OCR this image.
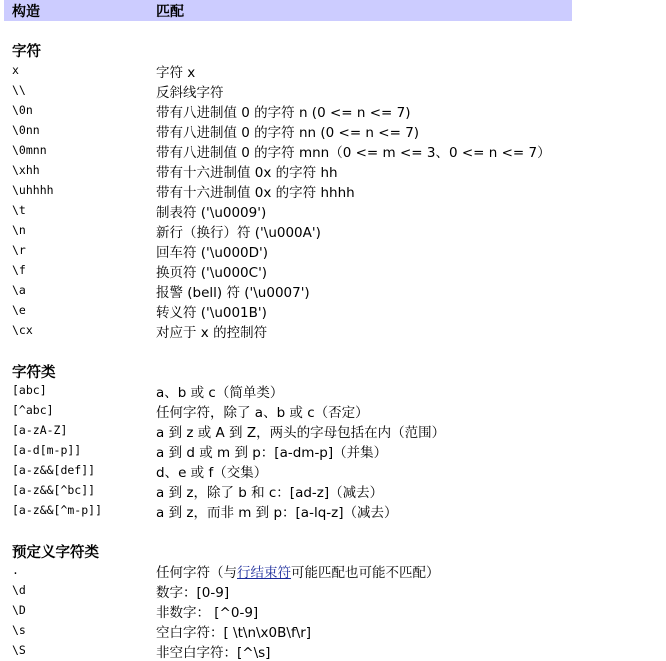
构造	匹配
字符
x	字符 x
\\	反斜线字符
\0n	带有八进制值 0 的字符 n (0 <= n <= 7)
\0nn	带有八进制值 0 的字符 nn (0 <= n <= 7)
\0mnn	带有八进制值 0 的字符 mnn（0 <= m <= 3、0 <= n <= 7）
\xhh	带有十六进制值 0x 的字符 hh
\uhhhh	带有十六进制值 0x 的字符 hhhh
\t	制表符 ('\u0009')
\n	新行（换行）符 ('\u000A')
\r	回车符 ('\u000D')
\f	换页符 ('\u000C')
\a	报警 (bell) 符 ('\u0007')
\e	转义符 ('\u001B')
\cx	对应于 x 的控制符
字符类
[abc]	a、b 或 c（简单类）
[^abc]	任何字符，除了 a、b 或 c（否定）
[a-zA-Z]	a 到 z 或 A 到 Z，两头的字母包括在内（范围）
[a-d[m-p]]	a 到 d 或 m 到 p：[a-dm-p]（并集）
[a-z&&[def]]	d、e 或 f（交集）
[a-z&&[^bc]]	a 到 z，除了 b 和 c：[ad-z]（减去）
[a-z&&[^m-p]]	a 到 z，而非 m 到 p：[a-lq-z]（减去）
预定义字符类
.	任何字符（与行结束符可能匹配也可能不匹配）
\d	数字：[0-9]
\D	非数字： [^0-9]
\s	空白字符：[ \t\n\x0B\f\r]
\S	非空白字符：[^\s]
